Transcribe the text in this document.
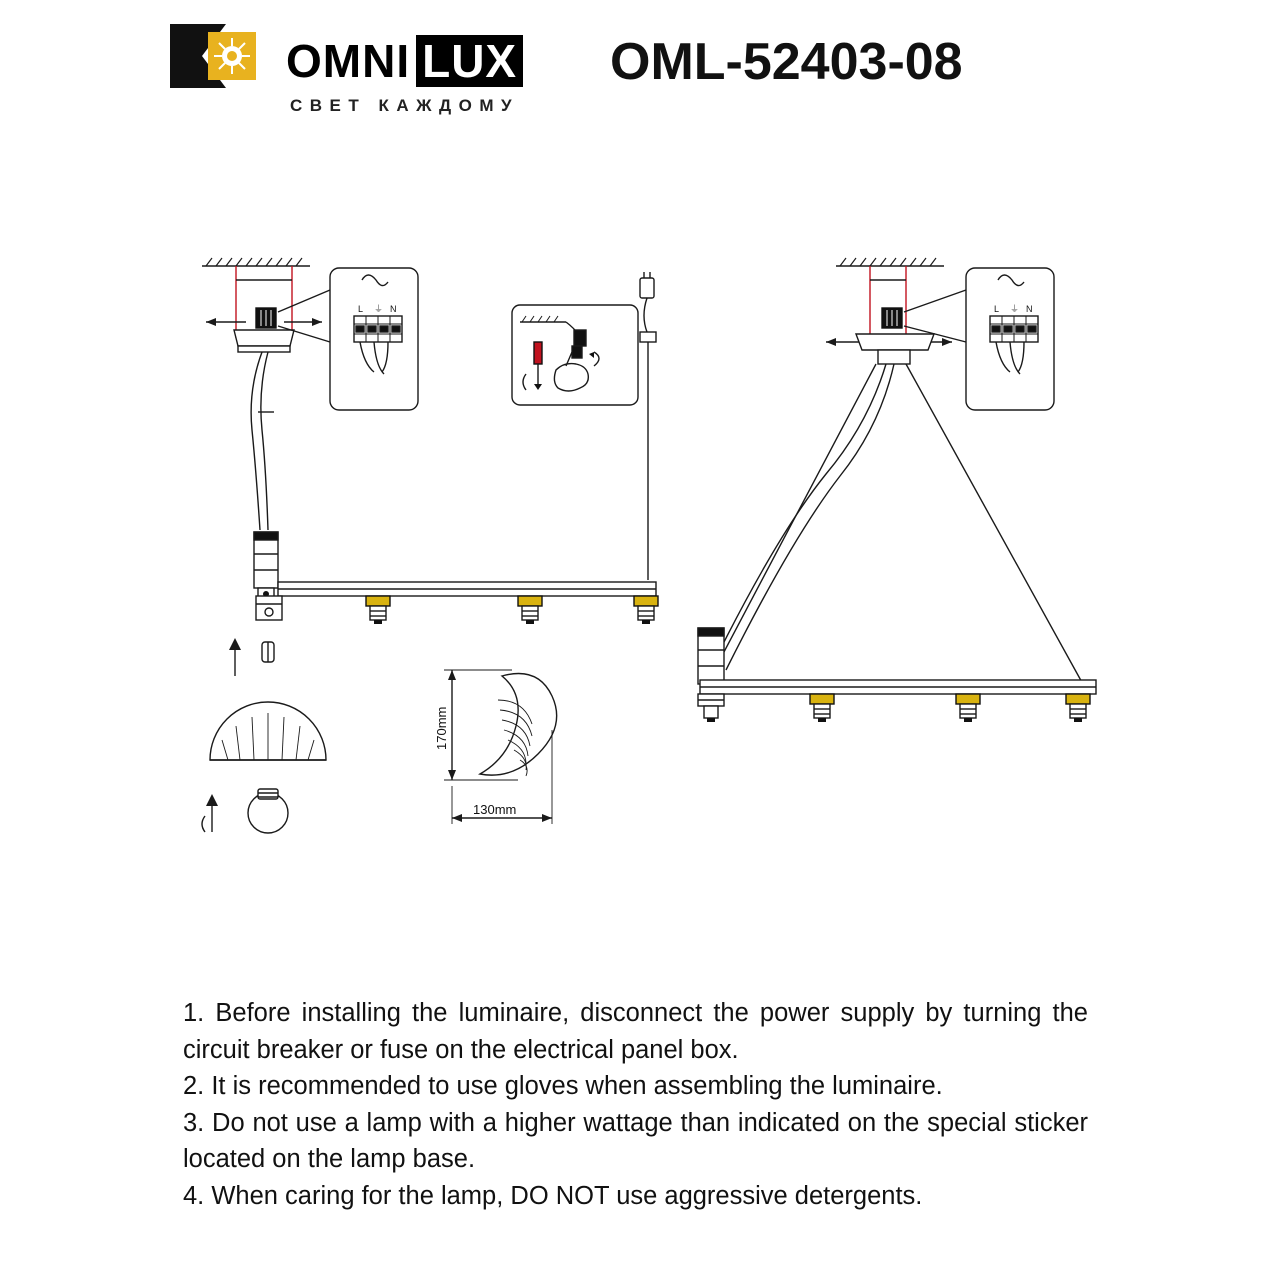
OMNI LUX
СВЕТ КАЖДОМУ
OML-52403-08
L ⏚ N	L ⏚ N
170mm
130mm

1. Before installing the luminaire, disconnect the power supply by turning the circuit breaker or fuse on the electrical panel box.

2. It is recommended to use gloves when assembling the luminaire.

3. Do not use a lamp with a higher wattage than indicated on the special sticker located on the lamp base.

4. When caring for the lamp, DO NOT use aggressive detergents.
